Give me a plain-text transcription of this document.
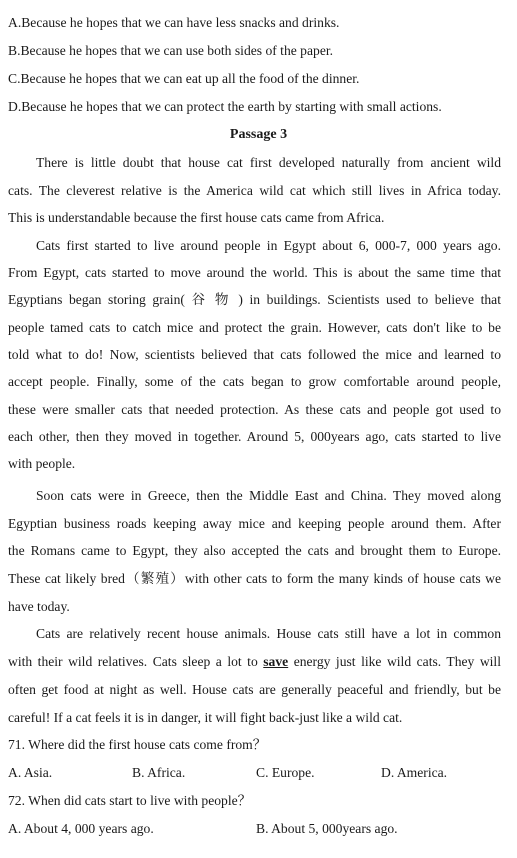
A.Because he hopes that we can have less snacks and drinks.
B.Because he hopes that we can use both sides of the paper.
C.Because he hopes that we can eat up all the food of the dinner.
D.Because he hopes that we can protect the earth by starting with small actions.
Passage 3
There is little doubt that house cat first developed naturally from ancient wild
cats. The cleverest relative is the America wild cat which still lives in Africa today.
This is understandable because the first house cats came from Africa.
Cats first started to live around people in Egypt about 6, 000-7, 000 years ago.
From Egypt, cats started to move around the world. This is about the same time that
Egyptians began storing grain( 谷 物 ) in buildings. Scientists used to believe that
people tamed cats to catch mice and protect the grain. However, cats don't like to be
told what to do! Now, scientists believed that cats followed the mice and learned to
accept people. Finally, some of the cats began to grow comfortable around people,
these were smaller cats that needed protection. As these cats and people got used to
each other, then they moved in together. Around 5, 000years ago, cats started to live
with people.
Soon cats were in Greece, then the Middle East and China. They moved along
Egyptian business roads keeping away mice and keeping people around them. After
the Romans came to Egypt, they also accepted the cats and brought them to Europe.
These cat likely bred（繁殖）with other cats to form the many kinds of house cats we
have today.
Cats are relatively recent house animals. House cats still have a lot in common
with their wild relatives. Cats sleep a lot to save energy just like wild cats. They will
often get food at night as well. House cats are generally peaceful and friendly, but be
careful! If a cat feels it is in danger, it will fight back-just like a wild cat.
71. Where did the first house cats come from？
A. Asia.	B. Africa.	C. Europe.	D. America.
72. When did cats start to live with people？
A. About 4, 000 years ago.	B. About 5, 000years ago.
